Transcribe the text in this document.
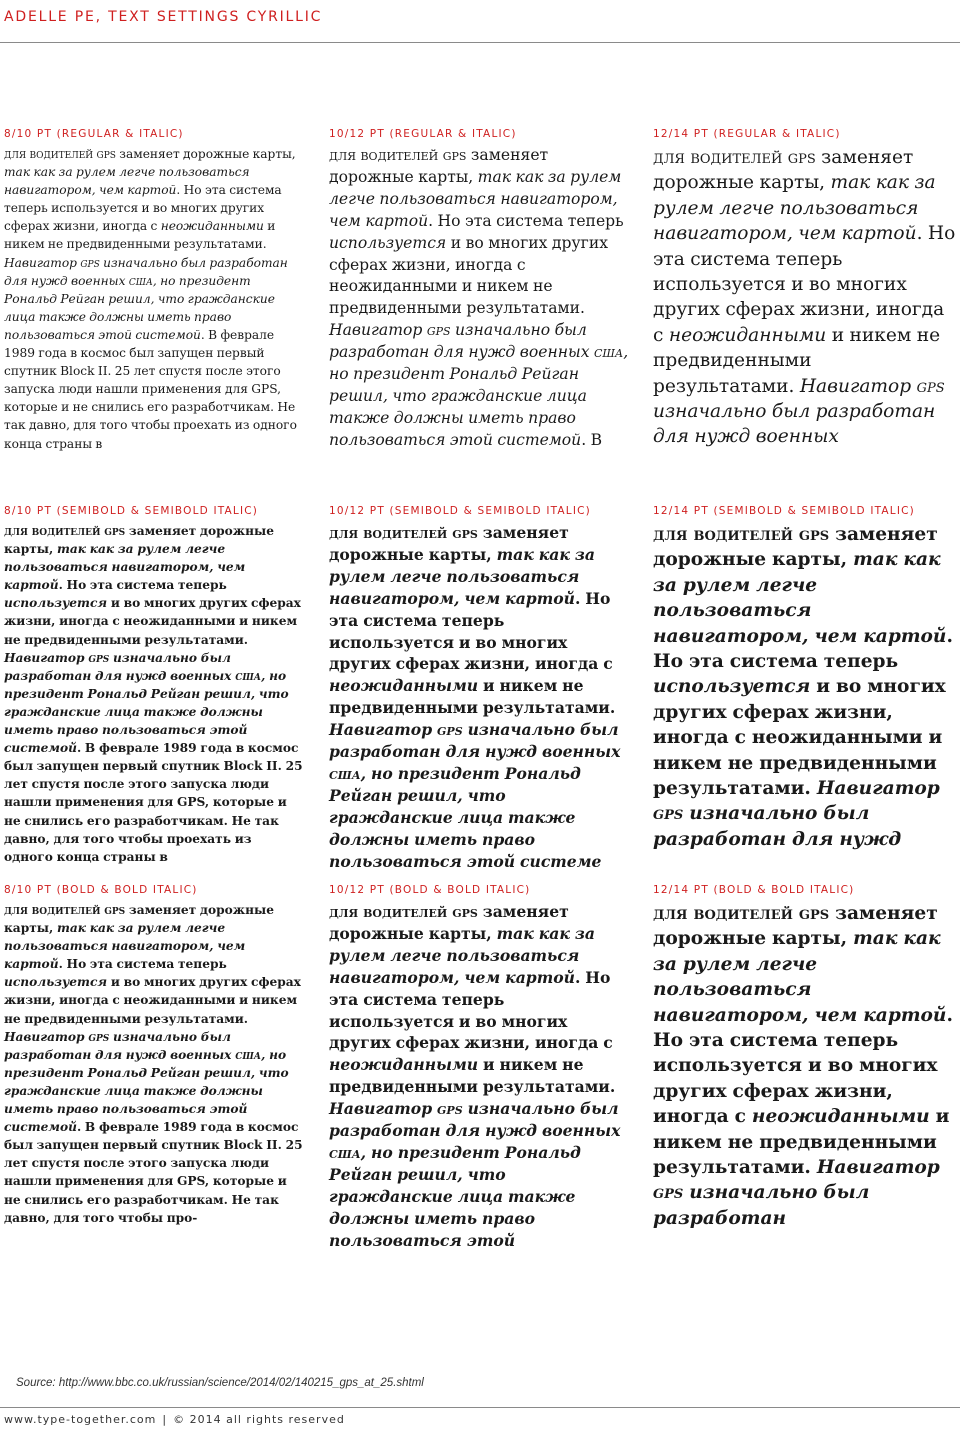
ADELLE PE, TEXT SETTINGS CYRILLIC

8/10 PT (REGULAR & ITALIC)

для водителей gps заменяет дорожные карты, так как за рулем легче пользоваться навигатором, чем картой. Но эта система теперь используется и во многих других сферах жизни, иногда с неожиданными и никем не предвиденными результатами. Навигатор gps изначально был разработан для нужд военных сша, но президент Рональд Рейган решил, что гражданские лица также должны иметь право пользоваться этой системой. В феврале 1989 года в космос был запущен первый спутник Block II. 25 лет спустя после этого запуска люди нашли применения для GPS, которые и не снились его разработчикам. Не так давно, для того чтобы проехать из одного конца страны в

10/12 PT (REGULAR & ITALIC)

для водителей gps заменяет дорожные карты, так как за рулем легче пользоваться навигатором, чем картой. Но эта система теперь используется и во многих других сферах жизни, иногда с неожиданными и никем не предвиденными результатами. Навигатор gps изначально был разработан для нужд военных сша, но президент Рональд Рейган решил, что гражданские лица также должны иметь право пользоваться этой системой. В

12/14 PT (REGULAR & ITALIC)

для водителей gps заменяет дорожные карты, так как за рулем легче пользоваться навигатором, чем картой. Но эта система теперь используется и во многих других сферах жизни, иногда с неожиданными и никем не предвиденными результатами. Навигатор gps изначально был разработан для нужд военных

8/10 PT (SEMIBOLD & SEMIBOLD ITALIC)

для водителей gps заменяет дорожные карты, так как за рулем легче пользоваться навигатором, чем картой. Но эта система теперь используется и во многих других сферах жизни, иногда с неожиданными и никем не предвиденными результатами. Навигатор gps изначально был разработан для нужд военных сша, но президент Рональд Рейган решил, что гражданские лица также должны иметь право пользоваться этой системой. В феврале 1989 года в космос был запущен первый спутник Block II. 25 лет спустя после этого запуска люди нашли применения для GPS, которые и не снились его разработчикам. Не так давно, для того чтобы проехать из одного конца страны в

10/12 PT (SEMIBOLD & SEMIBOLD ITALIC)

для водителей gps заменяет дорожные карты, так как за рулем легче пользоваться навигатором, чем картой. Но эта система теперь используется и во многих других сферах жизни, иногда с неожиданными и никем не предвиденными результатами. Навигатор gps изначально был разработан для нужд военных сша, но президент Рональд Рейган решил, что гражданские лица также должны иметь право пользоваться этой системе

12/14 PT (SEMIBOLD & SEMIBOLD ITALIC)

для водителей gps заменяет дорожные карты, так как за рулем легче пользоваться навигатором, чем картой. Но эта система теперь используется и во многих других сферах жизни, иногда с неожиданными и никем не предвиденными результатами. Навигатор gps изначально был разработан для нужд

8/10 PT (BOLD & BOLD ITALIC)

для водителей gps заменяет дорожные карты, так как за рулем легче пользоваться навигатором, чем картой. Но эта система теперь используется и во многих других сферах жизни, иногда с неожиданными и никем не предвиденными результатами. Навигатор gps изначально был разработан для нужд военных сша, но президент Рональд Рейган решил, что гражданские лица также должны иметь право пользоваться этой системой. В феврале 1989 года в космос был запущен первый спутник Block II. 25 лет спустя после этого запуска люди нашли применения для GPS, которые и не снились его разработчикам. Не так давно, для того чтобы про-

10/12 PT (BOLD & BOLD ITALIC)

для водителей gps заменяет дорожные карты, так как за рулем легче пользоваться навигатором, чем картой. Но эта система теперь используется и во многих других сферах жизни, иногда с неожиданными и никем не предвиденными результатами. Навигатор gps изначально был разработан для нужд военных сша, но президент Рональд Рейган решил, что гражданские лица также должны иметь право пользоваться этой

12/14 PT (BOLD & BOLD ITALIC)

для водителей gps заменяет дорожные карты, так как за рулем легче пользоваться навигатором, чем картой. Но эта система теперь используется и во многих других сферах жизни, иногда с неожиданными и никем не предвиденными результатами. Навигатор gps изначально был разработан

Source: http://www.bbc.co.uk/russian/science/2014/02/140215_gps_at_25.shtml
www.type-together.com | © 2014 all rights reserved
